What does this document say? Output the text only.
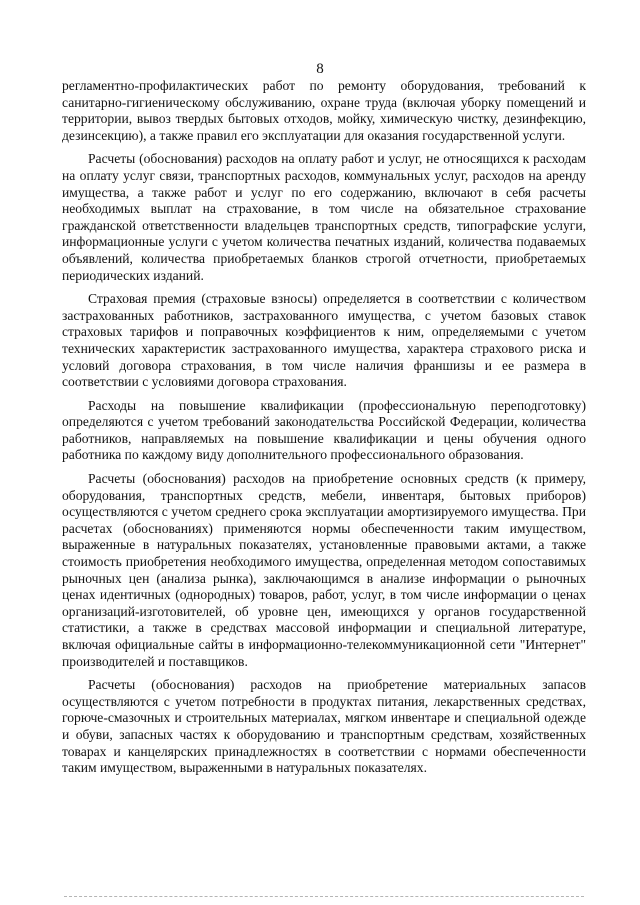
8

регламентно-профилактических работ по ремонту оборудования, требований к санитарно-гигиеническому обслуживанию, охране труда (включая уборку помещений и территории, вывоз твердых бытовых отходов, мойку, химическую чистку, дезинфекцию, дезинсекцию), а также правил его эксплуатации для оказания государственной услуги.

Расчеты (обоснования) расходов на оплату работ и услуг, не относящихся к расходам на оплату услуг связи, транспортных расходов, коммунальных услуг, расходов на аренду имущества, а также работ и услуг по его содержанию, включают в себя расчеты необходимых выплат на страхование, в том числе на обязательное страхование гражданской ответственности владельцев транспортных средств, типографские услуги, информационные услуги с учетом количества печатных изданий, количества подаваемых объявлений, количества приобретаемых бланков строгой отчетности, приобретаемых периодических изданий.

Страховая премия (страховые взносы) определяется в соответствии с количеством застрахованных работников, застрахованного имущества, с учетом базовых ставок страховых тарифов и поправочных коэффициентов к ним, определяемыми с учетом технических характеристик застрахованного имущества, характера страхового риска и условий договора страхования, в том числе наличия франшизы и ее размера в соответствии с условиями договора страхования.

Расходы на повышение квалификации (профессиональную переподготовку) определяются с учетом требований законодательства Российской Федерации, количества работников, направляемых на повышение квалификации и цены обучения одного работника по каждому виду дополнительного профессионального образования.

Расчеты (обоснования) расходов на приобретение основных средств (к примеру, оборудования, транспортных средств, мебели, инвентаря, бытовых приборов) осуществляются с учетом среднего срока эксплуатации амортизируемого имущества. При расчетах (обоснованиях) применяются нормы обеспеченности таким имуществом, выраженные в натуральных показателях, установленные правовыми актами, а также стоимость приобретения необходимого имущества, определенная методом сопоставимых рыночных цен (анализа рынка), заключающимся в анализе информации о рыночных ценах идентичных (однородных) товаров, работ, услуг, в том числе информации о ценах организаций-изготовителей, об уровне цен, имеющихся у органов государственной статистики, а также в средствах массовой информации и специальной литературе, включая официальные сайты в информационно-телекоммуникационной сети "Интернет" производителей и поставщиков.

Расчеты (обоснования) расходов на приобретение материальных запасов осуществляются с учетом потребности в продуктах питания, лекарственных средствах, горюче-смазочных и строительных материалах, мягком инвентаре и специальной одежде и обуви, запасных частях к оборудованию и транспортным средствам, хозяйственных товарах и канцелярских принадлежностях в соответствии с нормами обеспеченности таким имуществом, выраженными в натуральных показателях.
